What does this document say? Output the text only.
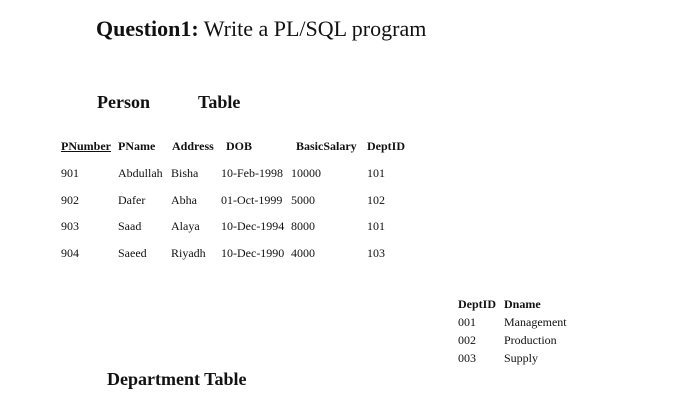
Question1: Write a PL/SQL program
Person	Table
PNumber PName Address DOB	BasicSalary DeptID
901	Abdullah Bisha 10-Feb-1998 10000	101
902	Dafer Abha 01-Oct-1999 5000	102
903	Saad Alaya 10-Dec-1994 8000	101
904	Saeed Riyadh 10-Dec-1990 4000	103
DeptID Dname
001 Management
002 Production
003 Supply
Department Table
